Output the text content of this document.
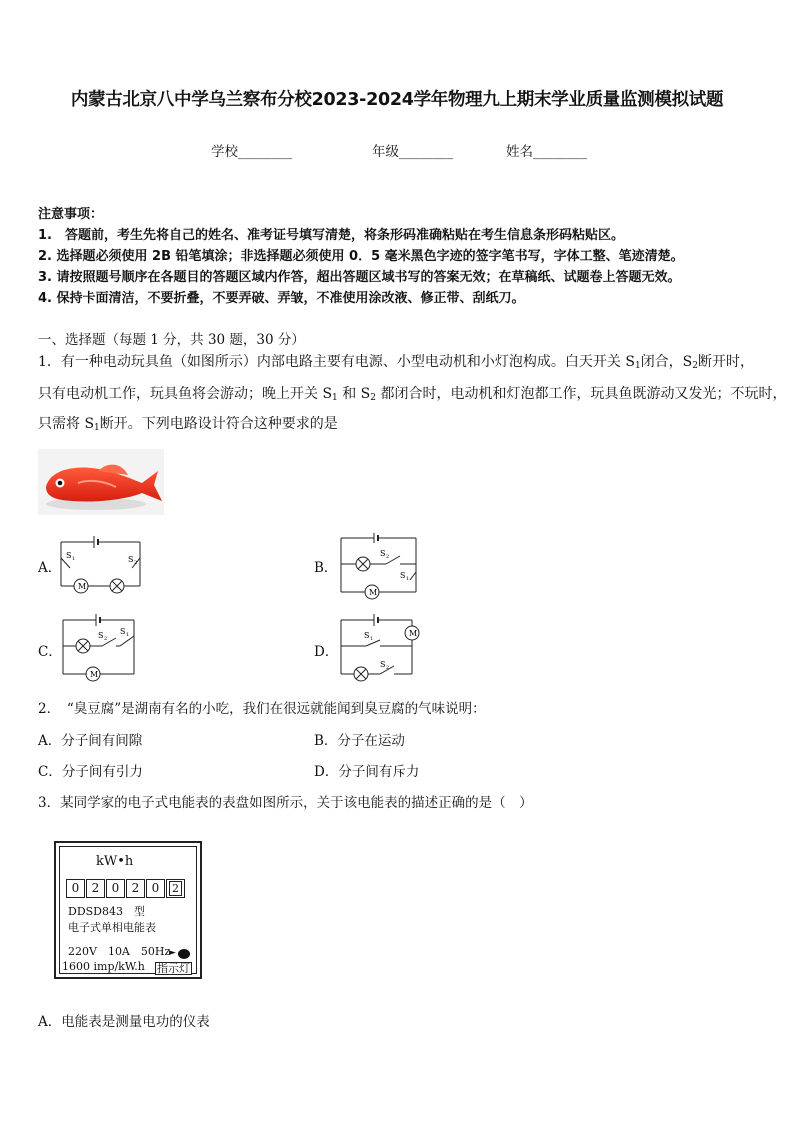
内蒙古北京八中学乌兰察布分校2023-2024学年物理九上期末学业质量监测模拟试题
学校________	年级________	姓名________
注意事项：
1.　答题前，考生先将自己的姓名、准考证号填写清楚，将条形码准确粘贴在考生信息条形码粘贴区。
2. 选择题必须使用 2B 铅笔填涂；非选择题必须使用 0．5 毫米黑色字迹的签字笔书写，字体工整、笔迹清楚。
3. 请按照题号顺序在各题目的答题区域内作答，超出答题区域书写的答案无效；在草稿纸、试题卷上答题无效。
4. 保持卡面清洁，不要折叠，不要弄破、弄皱，不准使用涂改液、修正带、刮纸刀。
一、选择题（每题 1 分，共 30 题，30 分）
1．有一种电动玩具鱼（如图所示）内部电路主要有电源、小型电动机和小灯泡构成。白天开关 $S_1$闭合，$S_2$断开时，
只有电动机工作，玩具鱼将会游动；晚上开关 $S_1$ 和 $S_2$ 都闭合时，电动机和灯泡都工作，玩具鱼既游动又发光；不玩时，
只需将 $S_1$断开。下列电路设计符合这种要求的是
A．	B．
C．	D．
S 1	S 2
M
S 2
S 1
M
S 2
S 1
M
S 1
S 2
M
2．　“臭豆腐”是湖南有名的小吃，我们在很远就能闻到臭豆腐的气味说明：
A．分子间有间隙	B．分子在运动
C．分子间有引力	D．分子间有斥力
3．某同学家的电子式电能表的表盘如图所示，关于该电能表的描述正确的是（　）
kW•h
0	2	0	2	0	2
DDSD843　型
电子式单相电能表
220V　10A　50Hz
1600 imp/kW.h
►
指示灯
A．电能表是测量电功的仪表
